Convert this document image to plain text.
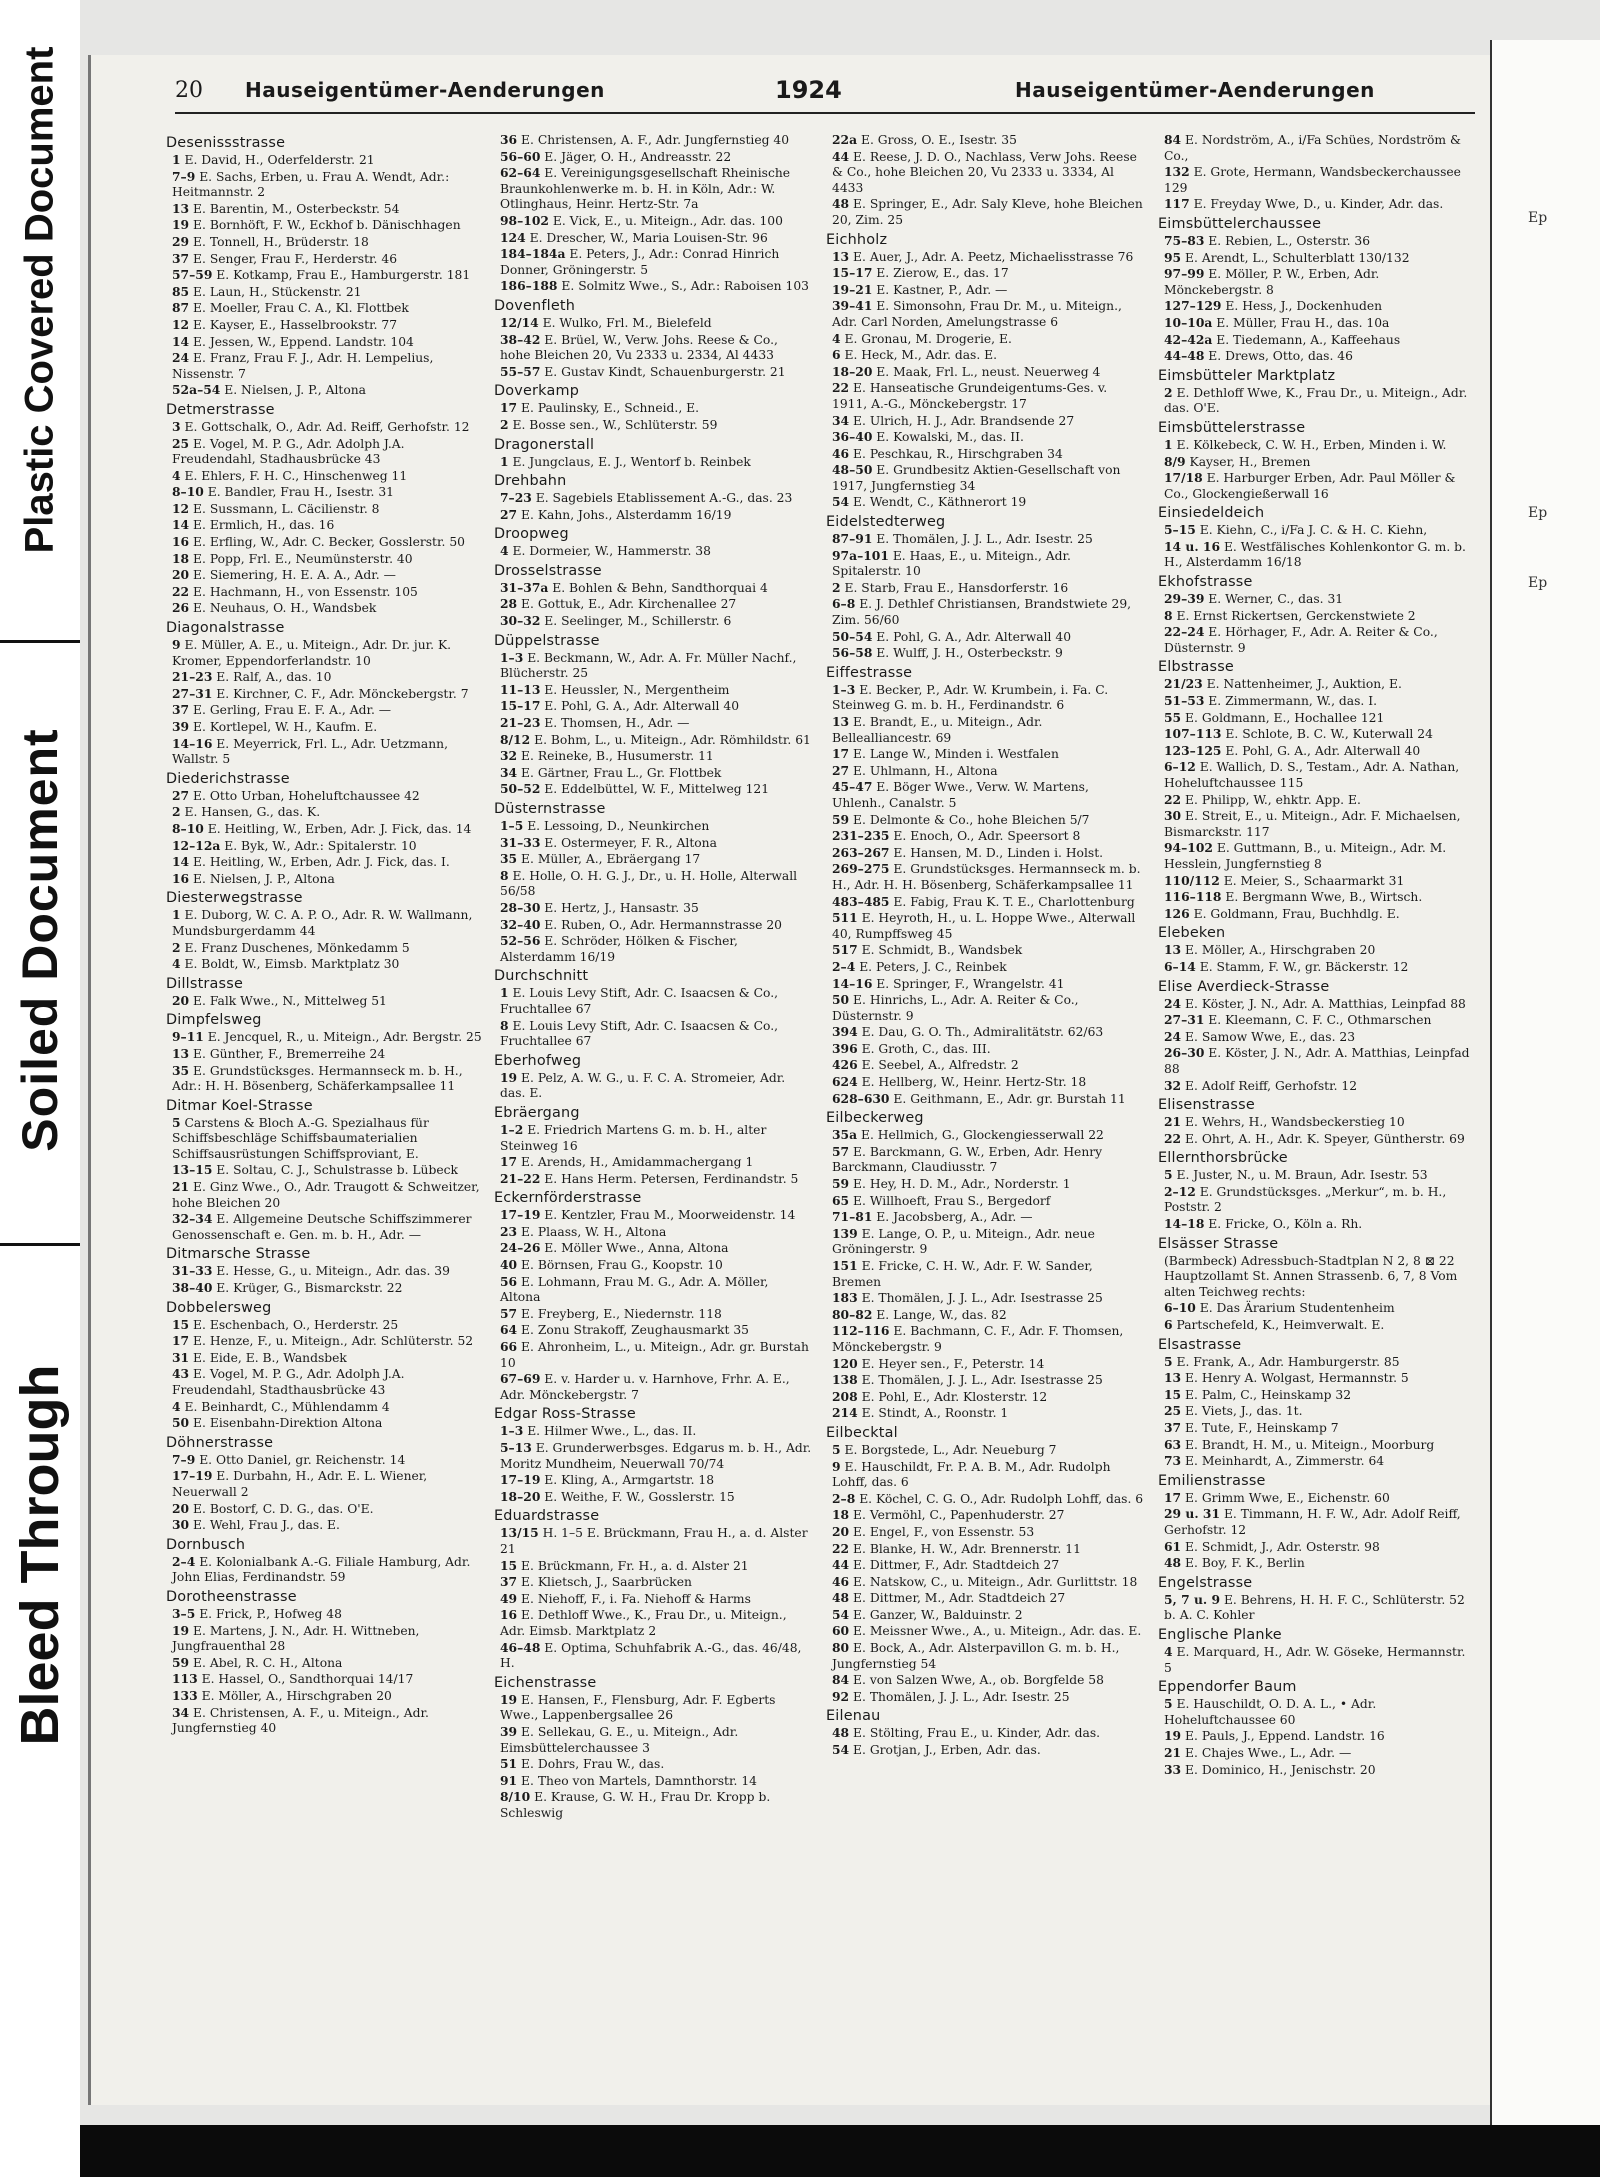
Plastic Covered Document
Soiled Document
Bleed Through
Ep
Ep
Ep
20 Hauseigentümer-Aenderungen	1924	Hauseigentümer-Aenderungen
Desenissstrasse
1 E. David, H., Oderfelderstr. 21
7–9 E. Sachs, Erben, u. Frau A. Wendt, Adr.: Heitmannstr. 2
13 E. Barentin, M., Osterbeckstr. 54
19 E. Bornhöft, F. W., Eckhof b. Dänischhagen
29 E. Tonnell, H., Brüderstr. 18
37 E. Senger, Frau F., Herderstr. 46
57–59 E. Kotkamp, Frau E., Hamburgerstr. 181
85 E. Laun, H., Stückenstr. 21
87 E. Moeller, Frau C. A., Kl. Flottbek
12 E. Kayser, E., Hasselbrookstr. 77
14 E. Jessen, W., Eppend. Landstr. 104
24 E. Franz, Frau F. J., Adr. H. Lempelius, Nissenstr. 7
52a–54 E. Nielsen, J. P., Altona
Detmerstrasse
3 E. Gottschalk, O., Adr. Ad. Reiff, Gerhofstr. 12
25 E. Vogel, M. P. G., Adr. Adolph J.A. Freudendahl, Stadhausbrücke 43
4 E. Ehlers, F. H. C., Hinschenweg 11
8–10 E. Bandler, Frau H., Isestr. 31
12 E. Sussmann, L. Cäcilienstr. 8
14 E. Ermlich, H., das. 16
16 E. Erfling, W., Adr. C. Becker, Gosslerstr. 50
18 E. Popp, Frl. E., Neumünsterstr. 40
20 E. Siemering, H. E. A. A., Adr. —
22 E. Hachmann, H., von Essenstr. 105
26 E. Neuhaus, O. H., Wandsbek
Diagonalstrasse
9 E. Müller, A. E., u. Miteign., Adr. Dr. jur. K. Kromer, Eppendorferlandstr. 10
21–23 E. Ralf, A., das. 10
27–31 E. Kirchner, C. F., Adr. Mönckebergstr. 7
37 E. Gerling, Frau E. F. A., Adr. —
39 E. Kortlepel, W. H., Kaufm. E.
14–16 E. Meyerrick, Frl. L., Adr. Uetzmann, Wallstr. 5
Diederichstrasse
27 E. Otto Urban, Hoheluftchaussee 42
2 E. Hansen, G., das. K.
8–10 E. Heitling, W., Erben, Adr. J. Fick, das. 14
12–12a E. Byk, W., Adr.: Spitalerstr. 10
14 E. Heitling, W., Erben, Adr. J. Fick, das. I.
16 E. Nielsen, J. P., Altona
Diesterwegstrasse
1 E. Duborg, W. C. A. P. O., Adr. R. W. Wallmann, Mundsburgerdamm 44
2 E. Franz Duschenes, Mönkedamm 5
4 E. Boldt, W., Eimsb. Marktplatz 30
Dillstrasse
20 E. Falk Wwe., N., Mittelweg 51
Dimpfelsweg
9–11 E. Jencquel, R., u. Miteign., Adr. Bergstr. 25
13 E. Günther, F., Bremerreihe 24
35 E. Grundstücksges. Hermannseck m. b. H., Adr.: H. H. Bösenberg, Schäferkampsallee 11
Ditmar Koel-Strasse
5 Carstens & Bloch A.-G. Spezialhaus für Schiffsbeschläge Schiffsbaumaterialien Schiffsausrüstungen Schiffsproviant, E.
13–15 E. Soltau, C. J., Schulstrasse b. Lübeck
21 E. Ginz Wwe., O., Adr. Traugott & Schweitzer, hohe Bleichen 20
32–34 E. Allgemeine Deutsche Schiffszimmerer Genossenschaft e. Gen. m. b. H., Adr. —
Ditmarsche Strasse
31–33 E. Hesse, G., u. Miteign., Adr. das. 39
38–40 E. Krüger, G., Bismarckstr. 22
Dobbelersweg
15 E. Eschenbach, O., Herderstr. 25
17 E. Henze, F., u. Miteign., Adr. Schlüterstr. 52
31 E. Eide, E. B., Wandsbek
43 E. Vogel, M. P. G., Adr. Adolph J.A. Freudendahl, Stadthausbrücke 43
4 E. Beinhardt, C., Mühlendamm 4
50 E. Eisenbahn-Direktion Altona
Döhnerstrasse
7–9 E. Otto Daniel, gr. Reichenstr. 14
17–19 E. Durbahn, H., Adr. E. L. Wiener, Neuerwall 2
20 E. Bostorf, C. D. G., das. O'E.
30 E. Wehl, Frau J., das. E.
Dornbusch
2–4 E. Kolonialbank A.-G. Filiale Hamburg, Adr. John Elias, Ferdinandstr. 59
Dorotheenstrasse
3–5 E. Frick, P., Hofweg 48
19 E. Martens, J. N., Adr. H. Wittneben, Jungfrauenthal 28
59 E. Abel, R. C. H., Altona
113 E. Hassel, O., Sandthorquai 14/17
133 E. Möller, A., Hirschgraben 20
34 E. Christensen, A. F., u. Miteign., Adr. Jungfernstieg 40
36 E. Christensen, A. F., Adr. Jungfernstieg 40
56–60 E. Jäger, O. H., Andreasstr. 22
62–64 E. Vereinigungsgesellschaft Rheinische Braunkohlenwerke m. b. H. in Köln, Adr.: W. Otlinghaus, Heinr. Hertz-Str. 7a
98–102 E. Vick, E., u. Miteign., Adr. das. 100
124 E. Drescher, W., Maria Louisen-Str. 96
184–184a E. Peters, J., Adr.: Conrad Hinrich Donner, Gröningerstr. 5
186–188 E. Solmitz Wwe., S., Adr.: Raboisen 103
Dovenfleth
12/14 E. Wulko, Frl. M., Bielefeld
38–42 E. Brüel, W., Verw. Johs. Reese & Co., hohe Bleichen 20, Vu 2333 u. 2334, Al 4433
55–57 E. Gustav Kindt, Schauenburgerstr. 21
Doverkamp
17 E. Paulinsky, E., Schneid., E.
2 E. Bosse sen., W., Schlüterstr. 59
Dragonerstall
1 E. Jungclaus, E. J., Wentorf b. Reinbek
Drehbahn
7–23 E. Sagebiels Etablissement A.-G., das. 23
27 E. Kahn, Johs., Alsterdamm 16/19
Droopweg
4 E. Dormeier, W., Hammerstr. 38
Drosselstrasse
31–37a E. Bohlen & Behn, Sandthorquai 4
28 E. Gottuk, E., Adr. Kirchenallee 27
30–32 E. Seelinger, M., Schillerstr. 6
Düppelstrasse
1–3 E. Beckmann, W., Adr. A. Fr. Müller Nachf., Blücherstr. 25
11–13 E. Heussler, N., Mergentheim
15–17 E. Pohl, G. A., Adr. Alterwall 40
21–23 E. Thomsen, H., Adr. —
8/12 E. Bohm, L., u. Miteign., Adr. Römhildstr. 61
32 E. Reineke, B., Husumerstr. 11
34 E. Gärtner, Frau L., Gr. Flottbek
50–52 E. Eddelbüttel, W. F., Mittelweg 121
Düsternstrasse
1–5 E. Lessoing, D., Neunkirchen
31–33 E. Ostermeyer, F. R., Altona
35 E. Müller, A., Ebräergang 17
8 E. Holle, O. H. G. J., Dr., u. H. Holle, Alterwall 56/58
28–30 E. Hertz, J., Hansastr. 35
32–40 E. Ruben, O., Adr. Hermannstrasse 20
52–56 E. Schröder, Hölken & Fischer, Alsterdamm 16/19
Durchschnitt
1 E. Louis Levy Stift, Adr. C. Isaacsen & Co., Fruchtallee 67
8 E. Louis Levy Stift, Adr. C. Isaacsen & Co., Fruchtallee 67
Eberhofweg
19 E. Pelz, A. W. G., u. F. C. A. Stromeier, Adr. das. E.
Ebräergang
1–2 E. Friedrich Martens G. m. b. H., alter Steinweg 16
17 E. Arends, H., Amidammachergang 1
21–22 E. Hans Herm. Petersen, Ferdinandstr. 5
Eckernförderstrasse
17–19 E. Kentzler, Frau M., Moorweidenstr. 14
23 E. Plaass, W. H., Altona
24–26 E. Möller Wwe., Anna, Altona
40 E. Börnsen, Frau G., Koopstr. 10
56 E. Lohmann, Frau M. G., Adr. A. Möller, Altona
57 E. Freyberg, E., Niedernstr. 118
64 E. Zonu Strakoff, Zeughausmarkt 35
66 E. Ahronheim, L., u. Miteign., Adr. gr. Burstah 10
67–69 E. v. Harder u. v. Harnhove, Frhr. A. E., Adr. Mönckebergstr. 7
Edgar Ross-Strasse
1–3 E. Hilmer Wwe., L., das. II.
5–13 E. Grunderwerbsges. Edgarus m. b. H., Adr. Moritz Mundheim, Neuerwall 70/74
17–19 E. Kling, A., Armgartstr. 18
18–20 E. Weithe, F. W., Gosslerstr. 15
Eduardstrasse
13/15 H. 1–5 E. Brückmann, Frau H., a. d. Alster 21
15 E. Brückmann, Fr. H., a. d. Alster 21
37 E. Klietsch, J., Saarbrücken
49 E. Niehoff, F., i. Fa. Niehoff & Harms
16 E. Dethloff Wwe., K., Frau Dr., u. Miteign., Adr. Eimsb. Marktplatz 2
46–48 E. Optima, Schuhfabrik A.-G., das. 46/48, H.
Eichenstrasse
19 E. Hansen, F., Flensburg, Adr. F. Egberts Wwe., Lappenbergsallee 26
39 E. Sellekau, G. E., u. Miteign., Adr. Eimsbüttelerchaussee 3
51 E. Dohrs, Frau W., das.
91 E. Theo von Martels, Damnthorstr. 14
8/10 E. Krause, G. W. H., Frau Dr. Kropp b. Schleswig
22a E. Gross, O. E., Isestr. 35
44 E. Reese, J. D. O., Nachlass, Verw Johs. Reese & Co., hohe Bleichen 20, Vu 2333 u. 3334, Al 4433
48 E. Springer, E., Adr. Saly Kleve, hohe Bleichen 20, Zim. 25
Eichholz
13 E. Auer, J., Adr. A. Peetz, Michaelisstrasse 76
15–17 E. Zierow, E., das. 17
19–21 E. Kastner, P., Adr. —
39–41 E. Simonsohn, Frau Dr. M., u. Miteign., Adr. Carl Norden, Amelungstrasse 6
4 E. Gronau, M. Drogerie, E.
6 E. Heck, M., Adr. das. E.
18–20 E. Maak, Frl. L., neust. Neuerweg 4
22 E. Hanseatische Grundeigentums-Ges. v. 1911, A.-G., Mönckebergstr. 17
34 E. Ulrich, H. J., Adr. Brandsende 27
36–40 E. Kowalski, M., das. II.
46 E. Peschkau, R., Hirschgraben 34
48–50 E. Grundbesitz Aktien-Gesellschaft von 1917, Jungfernstieg 34
54 E. Wendt, C., Käthnerort 19
Eidelstedterweg
87–91 E. Thomälen, J. J. L., Adr. Isestr. 25
97a–101 E. Haas, E., u. Miteign., Adr. Spitalerstr. 10
2 E. Starb, Frau E., Hansdorferstr. 16
6–8 E. J. Dethlef Christiansen, Brandstwiete 29, Zim. 56/60
50–54 E. Pohl, G. A., Adr. Alterwall 40
56–58 E. Wulff, J. H., Osterbeckstr. 9
Eiffestrasse
1–3 E. Becker, P., Adr. W. Krumbein, i. Fa. C. Steinweg G. m. b. H., Ferdinandstr. 6
13 E. Brandt, E., u. Miteign., Adr. Bellealliancestr. 69
17 E. Lange W., Minden i. Westfalen
27 E. Uhlmann, H., Altona
45–47 E. Böger Wwe., Verw. W. Martens, Uhlenh., Canalstr. 5
59 E. Delmonte & Co., hohe Bleichen 5/7
231–235 E. Enoch, O., Adr. Speersort 8
263–267 E. Hansen, M. D., Linden i. Holst.
269–275 E. Grundstücksges. Hermannseck m. b. H., Adr. H. H. Bösenberg, Schäferkampsallee 11
483–485 E. Fabig, Frau K. T. E., Charlottenburg
511 E. Heyroth, H., u. L. Hoppe Wwe., Alterwall 40, Rumpffsweg 45
517 E. Schmidt, B., Wandsbek
2–4 E. Peters, J. C., Reinbek
14–16 E. Springer, F., Wrangelstr. 41
50 E. Hinrichs, L., Adr. A. Reiter & Co., Düsternstr. 9
394 E. Dau, G. O. Th., Admiralitätstr. 62/63
396 E. Groth, C., das. III.
426 E. Seebel, A., Alfredstr. 2
624 E. Hellberg, W., Heinr. Hertz-Str. 18
628–630 E. Geithmann, E., Adr. gr. Burstah 11
Eilbeckerweg
35a E. Hellmich, G., Glockengiesserwall 22
57 E. Barckmann, G. W., Erben, Adr. Henry Barckmann, Claudiusstr. 7
59 E. Hey, H. D. M., Adr., Norderstr. 1
65 E. Willhoeft, Frau S., Bergedorf
71–81 E. Jacobsberg, A., Adr. —
139 E. Lange, O. P., u. Miteign., Adr. neue Gröningerstr. 9
151 E. Fricke, C. H. W., Adr. F. W. Sander, Bremen
183 E. Thomälen, J. J. L., Adr. Isestrasse 25
80–82 E. Lange, W., das. 82
112–116 E. Bachmann, C. F., Adr. F. Thomsen, Mönckebergstr. 9
120 E. Heyer sen., F., Peterstr. 14
138 E. Thomälen, J. J. L., Adr. Isestrasse 25
208 E. Pohl, E., Adr. Klosterstr. 12
214 E. Stindt, A., Roonstr. 1
Eilbecktal
5 E. Borgstede, L., Adr. Neueburg 7
9 E. Hauschildt, Fr. P. A. B. M., Adr. Rudolph Lohff, das. 6
2–8 E. Köchel, C. G. O., Adr. Rudolph Lohff, das. 6
18 E. Vermöhl, C., Papenhuderstr. 27
20 E. Engel, F., von Essenstr. 53
22 E. Blanke, H. W., Adr. Brennerstr. 11
44 E. Dittmer, F., Adr. Stadtdeich 27
46 E. Natskow, C., u. Miteign., Adr. Gurlittstr. 18
48 E. Dittmer, M., Adr. Stadtdeich 27
54 E. Ganzer, W., Balduinstr. 2
60 E. Meissner Wwe., A., u. Miteign., Adr. das. E.
80 E. Bock, A., Adr. Alsterpavillon G. m. b. H., Jungfernstieg 54
84 E. von Salzen Wwe, A., ob. Borgfelde 58
92 E. Thomälen, J. J. L., Adr. Isestr. 25
Eilenau
48 E. Stölting, Frau E., u. Kinder, Adr. das.
54 E. Grotjan, J., Erben, Adr. das.
84 E. Nordström, A., i/Fa Schües, Nordström & Co.,
132 E. Grote, Hermann, Wandsbeckerchaussee 129
117 E. Freyday Wwe, D., u. Kinder, Adr. das.
Eimsbüttelerchaussee
75–83 E. Rebien, L., Osterstr. 36
95 E. Arendt, L., Schulterblatt 130/132
97–99 E. Möller, P. W., Erben, Adr. Mönckebergstr. 8
127–129 E. Hess, J., Dockenhuden
10–10a E. Müller, Frau H., das. 10a
42–42a E. Tiedemann, A., Kaffeehaus
44–48 E. Drews, Otto, das. 46
Eimsbütteler Marktplatz
2 E. Dethloff Wwe, K., Frau Dr., u. Miteign., Adr. das. O'E.
Eimsbüttelerstrasse
1 E. Kölkebeck, C. W. H., Erben, Minden i. W.
8/9 Kayser, H., Bremen
17/18 E. Harburger Erben, Adr. Paul Möller & Co., Glockengießerwall 16
Einsiedeldeich
5–15 E. Kiehn, C., i/Fa J. C. & H. C. Kiehn,
14 u. 16 E. Westfälisches Kohlenkontor G. m. b. H., Alsterdamm 16/18
Ekhofstrasse
29–39 E. Werner, C., das. 31
8 E. Ernst Rickertsen, Gerckenstwiete 2
22–24 E. Hörhager, F., Adr. A. Reiter & Co., Düsternstr. 9
Elbstrasse
21/23 E. Nattenheimer, J., Auktion, E.
51–53 E. Zimmermann, W., das. I.
55 E. Goldmann, E., Hochallee 121
107–113 E. Schlote, B. C. W., Kuterwall 24
123–125 E. Pohl, G. A., Adr. Alterwall 40
6–12 E. Wallich, D. S., Testam., Adr. A. Nathan, Hoheluftchaussee 115
22 E. Philipp, W., ehktr. App. E.
30 E. Streit, E., u. Miteign., Adr. F. Michaelsen, Bismarckstr. 117
94–102 E. Guttmann, B., u. Miteign., Adr. M. Hesslein, Jungfernstieg 8
110/112 E. Meier, S., Schaarmarkt 31
116–118 E. Bergmann Wwe, B., Wirtsch.
126 E. Goldmann, Frau, Buchhdlg. E.
Elebeken
13 E. Möller, A., Hirschgraben 20
6–14 E. Stamm, F. W., gr. Bäckerstr. 12
Elise Averdieck-Strasse
24 E. Köster, J. N., Adr. A. Matthias, Leinpfad 88
27–31 E. Kleemann, C. F. C., Othmarschen
24 E. Samow Wwe, E., das. 23
26–30 E. Köster, J. N., Adr. A. Matthias, Leinpfad 88
32 E. Adolf Reiff, Gerhofstr. 12
Elisenstrasse
21 E. Wehrs, H., Wandsbeckerstieg 10
22 E. Ohrt, A. H., Adr. K. Speyer, Güntherstr. 69
Ellernthorsbrücke
5 E. Juster, N., u. M. Braun, Adr. Isestr. 53
2–12 E. Grundstücksges. „Merkur“, m. b. H., Poststr. 2
14–18 E. Fricke, O., Köln a. Rh.
Elsässer Strasse
(Barmbeck) Adressbuch-Stadtplan N 2, 8 ⊠ 22 Hauptzollamt St. Annen Strassenb. 6, 7, 8 Vom alten Teichweg rechts:
6–10 E. Das Ärarium Studentenheim
6 Partschefeld, K., Heimverwalt. E.
Elsastrasse
5 E. Frank, A., Adr. Hamburgerstr. 85
13 E. Henry A. Wolgast, Hermannstr. 5
15 E. Palm, C., Heinskamp 32
25 E. Viets, J., das. 1t.
37 E. Tute, F., Heinskamp 7
63 E. Brandt, H. M., u. Miteign., Moorburg
73 E. Meinhardt, A., Zimmerstr. 64
Emilienstrasse
17 E. Grimm Wwe, E., Eichenstr. 60
29 u. 31 E. Timmann, H. F. W., Adr. Adolf Reiff, Gerhofstr. 12
61 E. Schmidt, J., Adr. Osterstr. 98
48 E. Boy, F. K., Berlin
Engelstrasse
5, 7 u. 9 E. Behrens, H. H. F. C., Schlüterstr. 52 b. A. C. Kohler
Englische Planke
4 E. Marquard, H., Adr. W. Göseke, Hermannstr. 5
Eppendorfer Baum
5 E. Hauschildt, O. D. A. L., • Adr. Hoheluftchaussee 60
19 E. Pauls, J., Eppend. Landstr. 16
21 E. Chajes Wwe., L., Adr. —
33 E. Dominico, H., Jenischstr. 20
